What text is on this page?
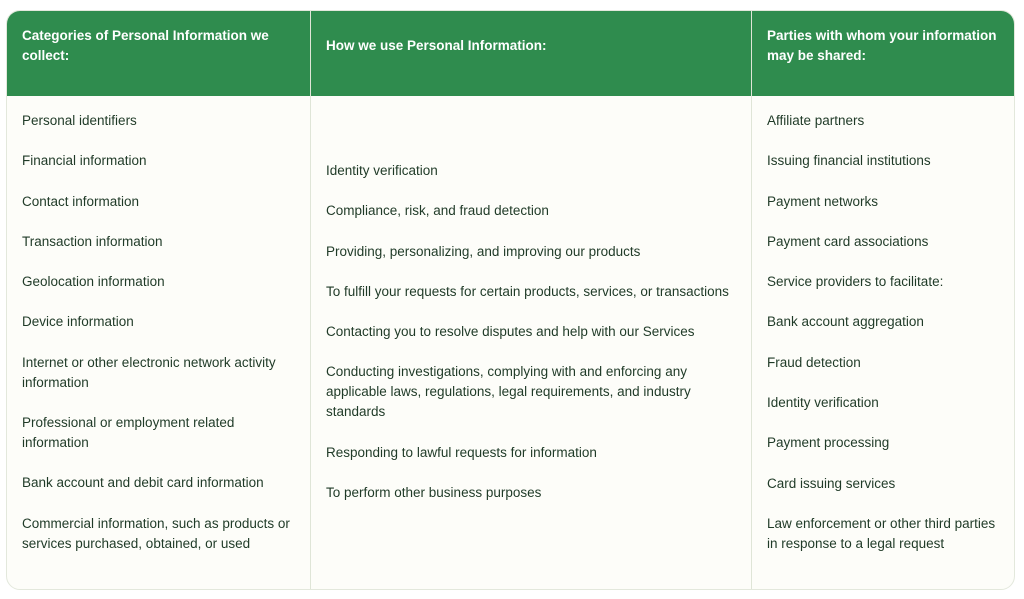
Categories of Personal Information we collect:
Personal identifiers
Financial information
Contact information
Transaction information
Geolocation information
Device information
Internet or other electronic network activity information
Professional or employment related information
Bank account and debit card information
Commercial information, such as products or services purchased, obtained, or used
How we use Personal Information:
Identity verification
Compliance, risk, and fraud detection
Providing, personalizing, and improving our products
To fulfill your requests for certain products, services, or transactions
Contacting you to resolve disputes and help with our Services
Conducting investigations, complying with and enforcing any applicable laws, regulations, legal requirements, and industry standards
Responding to lawful requests for information
To perform other business purposes
Parties with whom your information may be shared:
Affiliate partners
Issuing financial institutions
Payment networks
Payment card associations
Service providers to facilitate:
Bank account aggregation
Fraud detection
Identity verification
Payment processing
Card issuing services
Law enforcement or other third parties in response to a legal request
